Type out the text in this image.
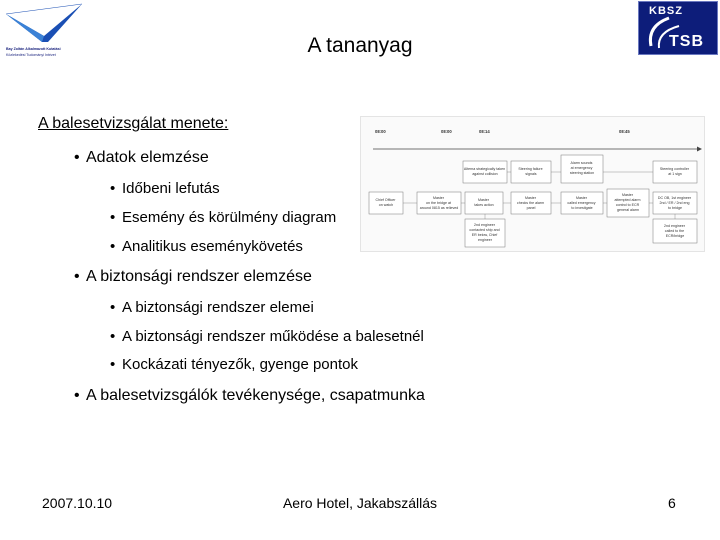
Bay Zoltán Alkalmazott Kutatási
Közlekedési Tudományi Intézet
KBSZ
TSB
A tananyag
A balesetvizsgálat menete:
• Adatok elemzése
• Időbeni lefutás
• Esemény és körülmény diagram
• Analitikus eseménykövetés
• A biztonsági rendszer elemzése
• A biztonsági rendszer elemei
• A biztonsági rendszer működése a balesetnél
• Kockázati tényezők, gyenge pontok
• A balesetvizsgálók tevékenysége, csapatmunka
08:00	08:00	08:14	08:45
Chief Officer on watch
Master on the bridge at around 0815 as relieved
Master takes action
Alterna strategically taken against collision
Steering failure signals
Alarm sounds at emergency steering station
Master checks the alarm panel
Master called emergency to investigate
Master attempted alarm control to ECR general alarm
Steering controller at 1 sign
2nd engineer contacted ship and ER below, Chief engineer
DC OB, 1st engineer 2nd / ER / 2nd eng to bridge
2nd engineer called to the ECR/bridge
2007.10.10	Aero Hotel, Jakabszállás	6
